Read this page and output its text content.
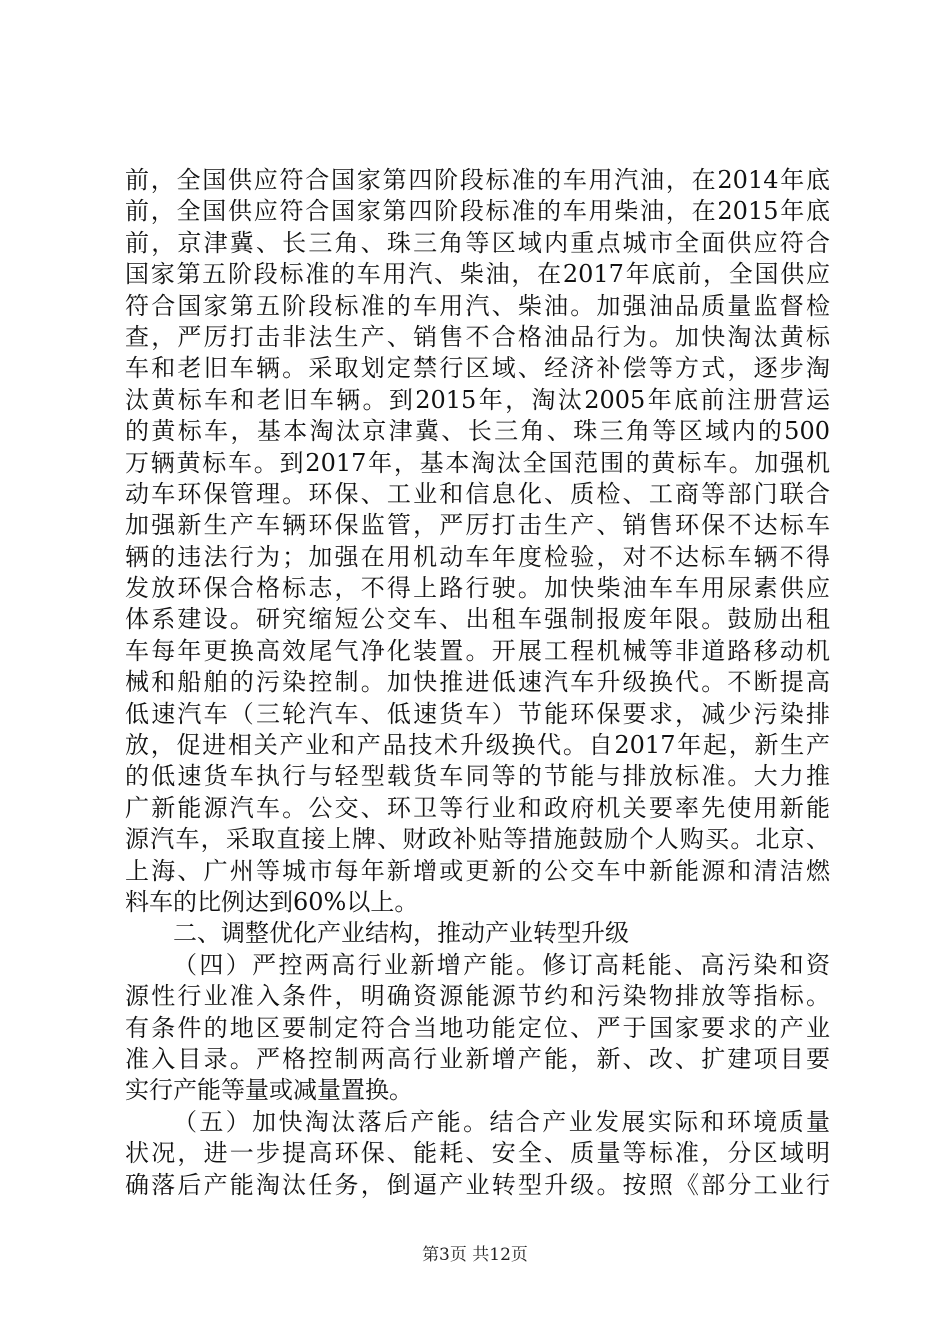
前，全国供应符合国家第四阶段标准的车用汽油，在2014年底
前，全国供应符合国家第四阶段标准的车用柴油，在2015年底
前，京津冀、长三角、珠三角等区域内重点城市全面供应符合
国家第五阶段标准的车用汽、柴油，在2017年底前，全国供应
符合国家第五阶段标准的车用汽、柴油。加强油品质量监督检
查，严厉打击非法生产、销售不合格油品行为。加快淘汰黄标
车和老旧车辆。采取划定禁行区域、经济补偿等方式，逐步淘
汰黄标车和老旧车辆。到2015年，淘汰2005年底前注册营运
的黄标车，基本淘汰京津冀、长三角、珠三角等区域内的500
万辆黄标车。到2017年，基本淘汰全国范围的黄标车。加强机
动车环保管理。环保、工业和信息化、质检、工商等部门联合
加强新生产车辆环保监管，严厉打击生产、销售环保不达标车
辆的违法行为；加强在用机动车年度检验，对不达标车辆不得
发放环保合格标志，不得上路行驶。加快柴油车车用尿素供应
体系建设。研究缩短公交车、出租车强制报废年限。鼓励出租
车每年更换高效尾气净化装置。开展工程机械等非道路移动机
械和船舶的污染控制。加快推进低速汽车升级换代。不断提高
低速汽车（三轮汽车、低速货车）节能环保要求，减少污染排
放，促进相关产业和产品技术升级换代。自2017年起，新生产
的低速货车执行与轻型载货车同等的节能与排放标准。大力推
广新能源汽车。公交、环卫等行业和政府机关要率先使用新能
源汽车，采取直接上牌、财政补贴等措施鼓励个人购买。北京、
上海、广州等城市每年新增或更新的公交车中新能源和清洁燃
料车的比例达到60%以上。
二、调整优化产业结构，推动产业转型升级
（四）严控两高行业新增产能。修订高耗能、高污染和资
源性行业准入条件，明确资源能源节约和污染物排放等指标。
有条件的地区要制定符合当地功能定位、严于国家要求的产业
准入目录。严格控制两高行业新增产能，新、改、扩建项目要
实行产能等量或减量置换。
（五）加快淘汰落后产能。结合产业发展实际和环境质量
状况，进一步提高环保、能耗、安全、质量等标准，分区域明
确落后产能淘汰任务，倒逼产业转型升级。按照《部分工业行
第3页 共12页
